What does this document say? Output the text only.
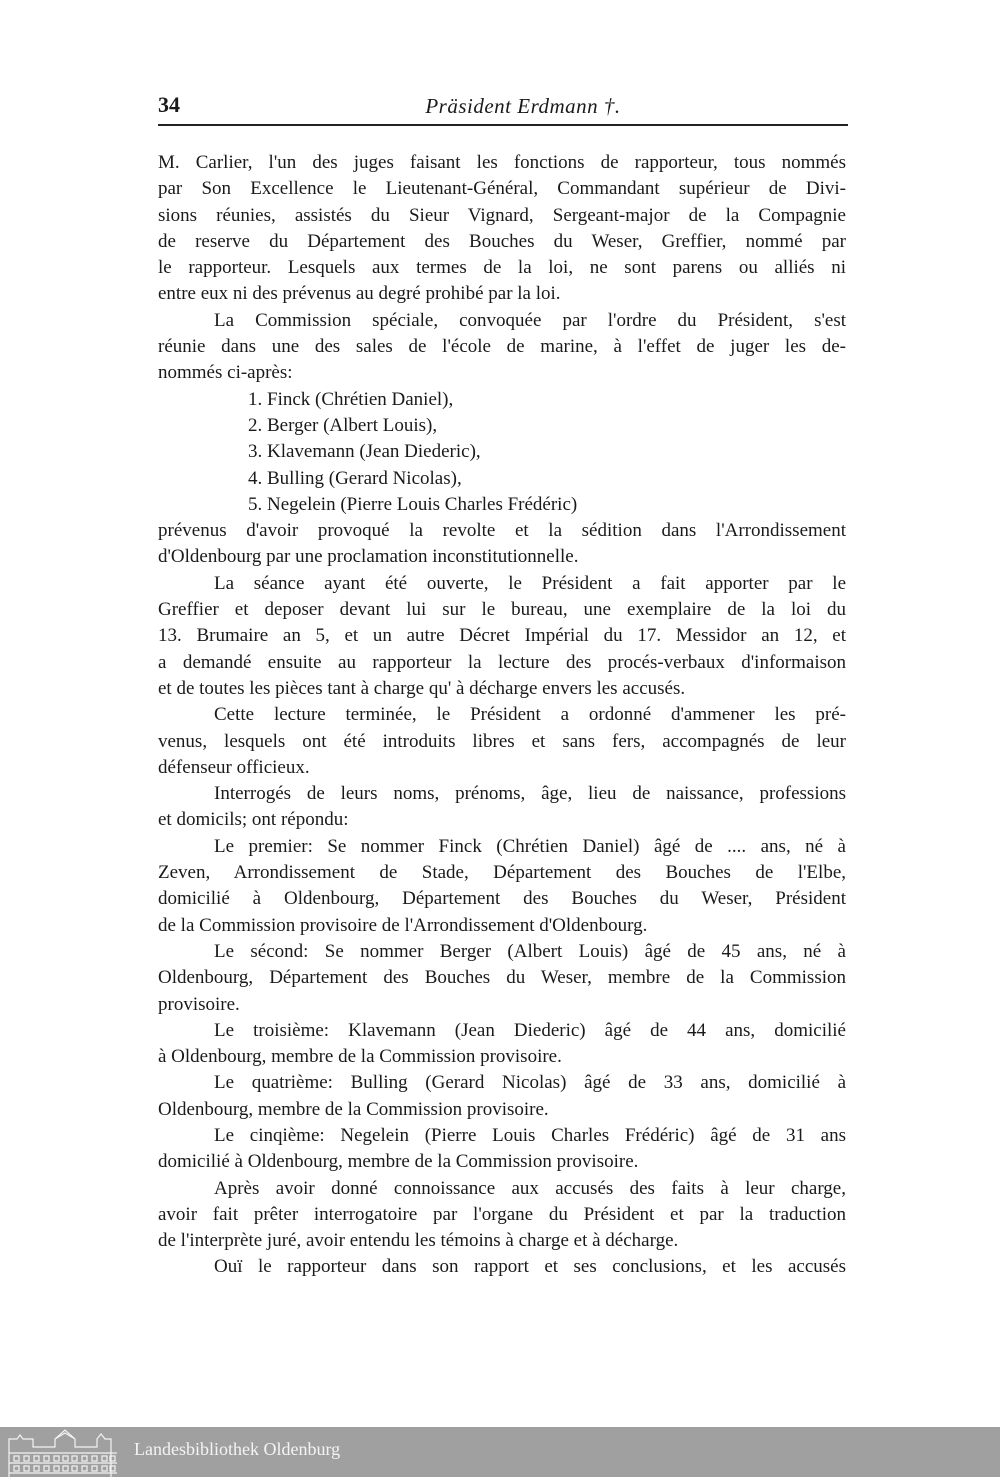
34	Präsident Erdmann †.
M. Carlier, l'un des juges faisant les fonctions de rapporteur, tous nommés
par Son Excellence le Lieutenant-Général, Commandant supérieur de Divi-
sions réunies, assistés du Sieur Vignard, Sergeant-major de la Compagnie
de reserve du Département des Bouches du Weser, Greffier, nommé par
le rapporteur. Lesquels aux termes de la loi, ne sont parens ou alliés ni
entre eux ni des prévenus au degré prohibé par la loi.
La Commission spéciale, convoquée par l'ordre du Président, s'est
réunie dans une des sales de l'école de marine, à l'effet de juger les de-
nommés ci-après:
1. Finck (Chrétien Daniel),
2. Berger (Albert Louis),
3. Klavemann (Jean Diederic),
4. Bulling (Gerard Nicolas),
5. Negelein (Pierre Louis Charles Frédéric)
prévenus d'avoir provoqué la revolte et la sédition dans l'Arrondissement
d'Oldenbourg par une proclamation inconstitutionnelle.
La séance ayant été ouverte, le Président a fait apporter par le
Greffier et deposer devant lui sur le bureau, une exemplaire de la loi du
13. Brumaire an 5, et un autre Décret Impérial du 17. Messidor an 12, et
a demandé ensuite au rapporteur la lecture des procés-verbaux d'informaison
et de toutes les pièces tant à charge qu' à décharge envers les accusés.
Cette lecture terminée, le Président a ordonné d'ammener les pré-
venus, lesquels ont été introduits libres et sans fers, accompagnés de leur
défenseur officieux.
Interrogés de leurs noms, prénoms, âge, lieu de naissance, professions
et domicils; ont répondu:
Le premier: Se nommer Finck (Chrétien Daniel) âgé de .... ans, né à
Zeven, Arrondissement de Stade, Département des Bouches de l'Elbe,
domicilié à Oldenbourg, Département des Bouches du Weser, Président
de la Commission provisoire de l'Arrondissement d'Oldenbourg.
Le sécond: Se nommer Berger (Albert Louis) âgé de 45 ans, né à
Oldenbourg, Département des Bouches du Weser, membre de la Commission
provisoire.
Le troisième: Klavemann (Jean Diederic) âgé de 44 ans, domicilié
à Oldenbourg, membre de la Commission provisoire.
Le quatrième: Bulling (Gerard Nicolas) âgé de 33 ans, domicilié à
Oldenbourg, membre de la Commission provisoire.
Le cinqième: Negelein (Pierre Louis Charles Frédéric) âgé de 31 ans
domicilié à Oldenbourg, membre de la Commission provisoire.
Après avoir donné connoissance aux accusés des faits à leur charge,
avoir fait prêter interrogatoire par l'organe du Président et par la traduction
de l'interprète juré, avoir entendu les témoins à charge et à décharge.
Ouï le rapporteur dans son rapport et ses conclusions, et les accusés
Landesbibliothek Oldenburg
